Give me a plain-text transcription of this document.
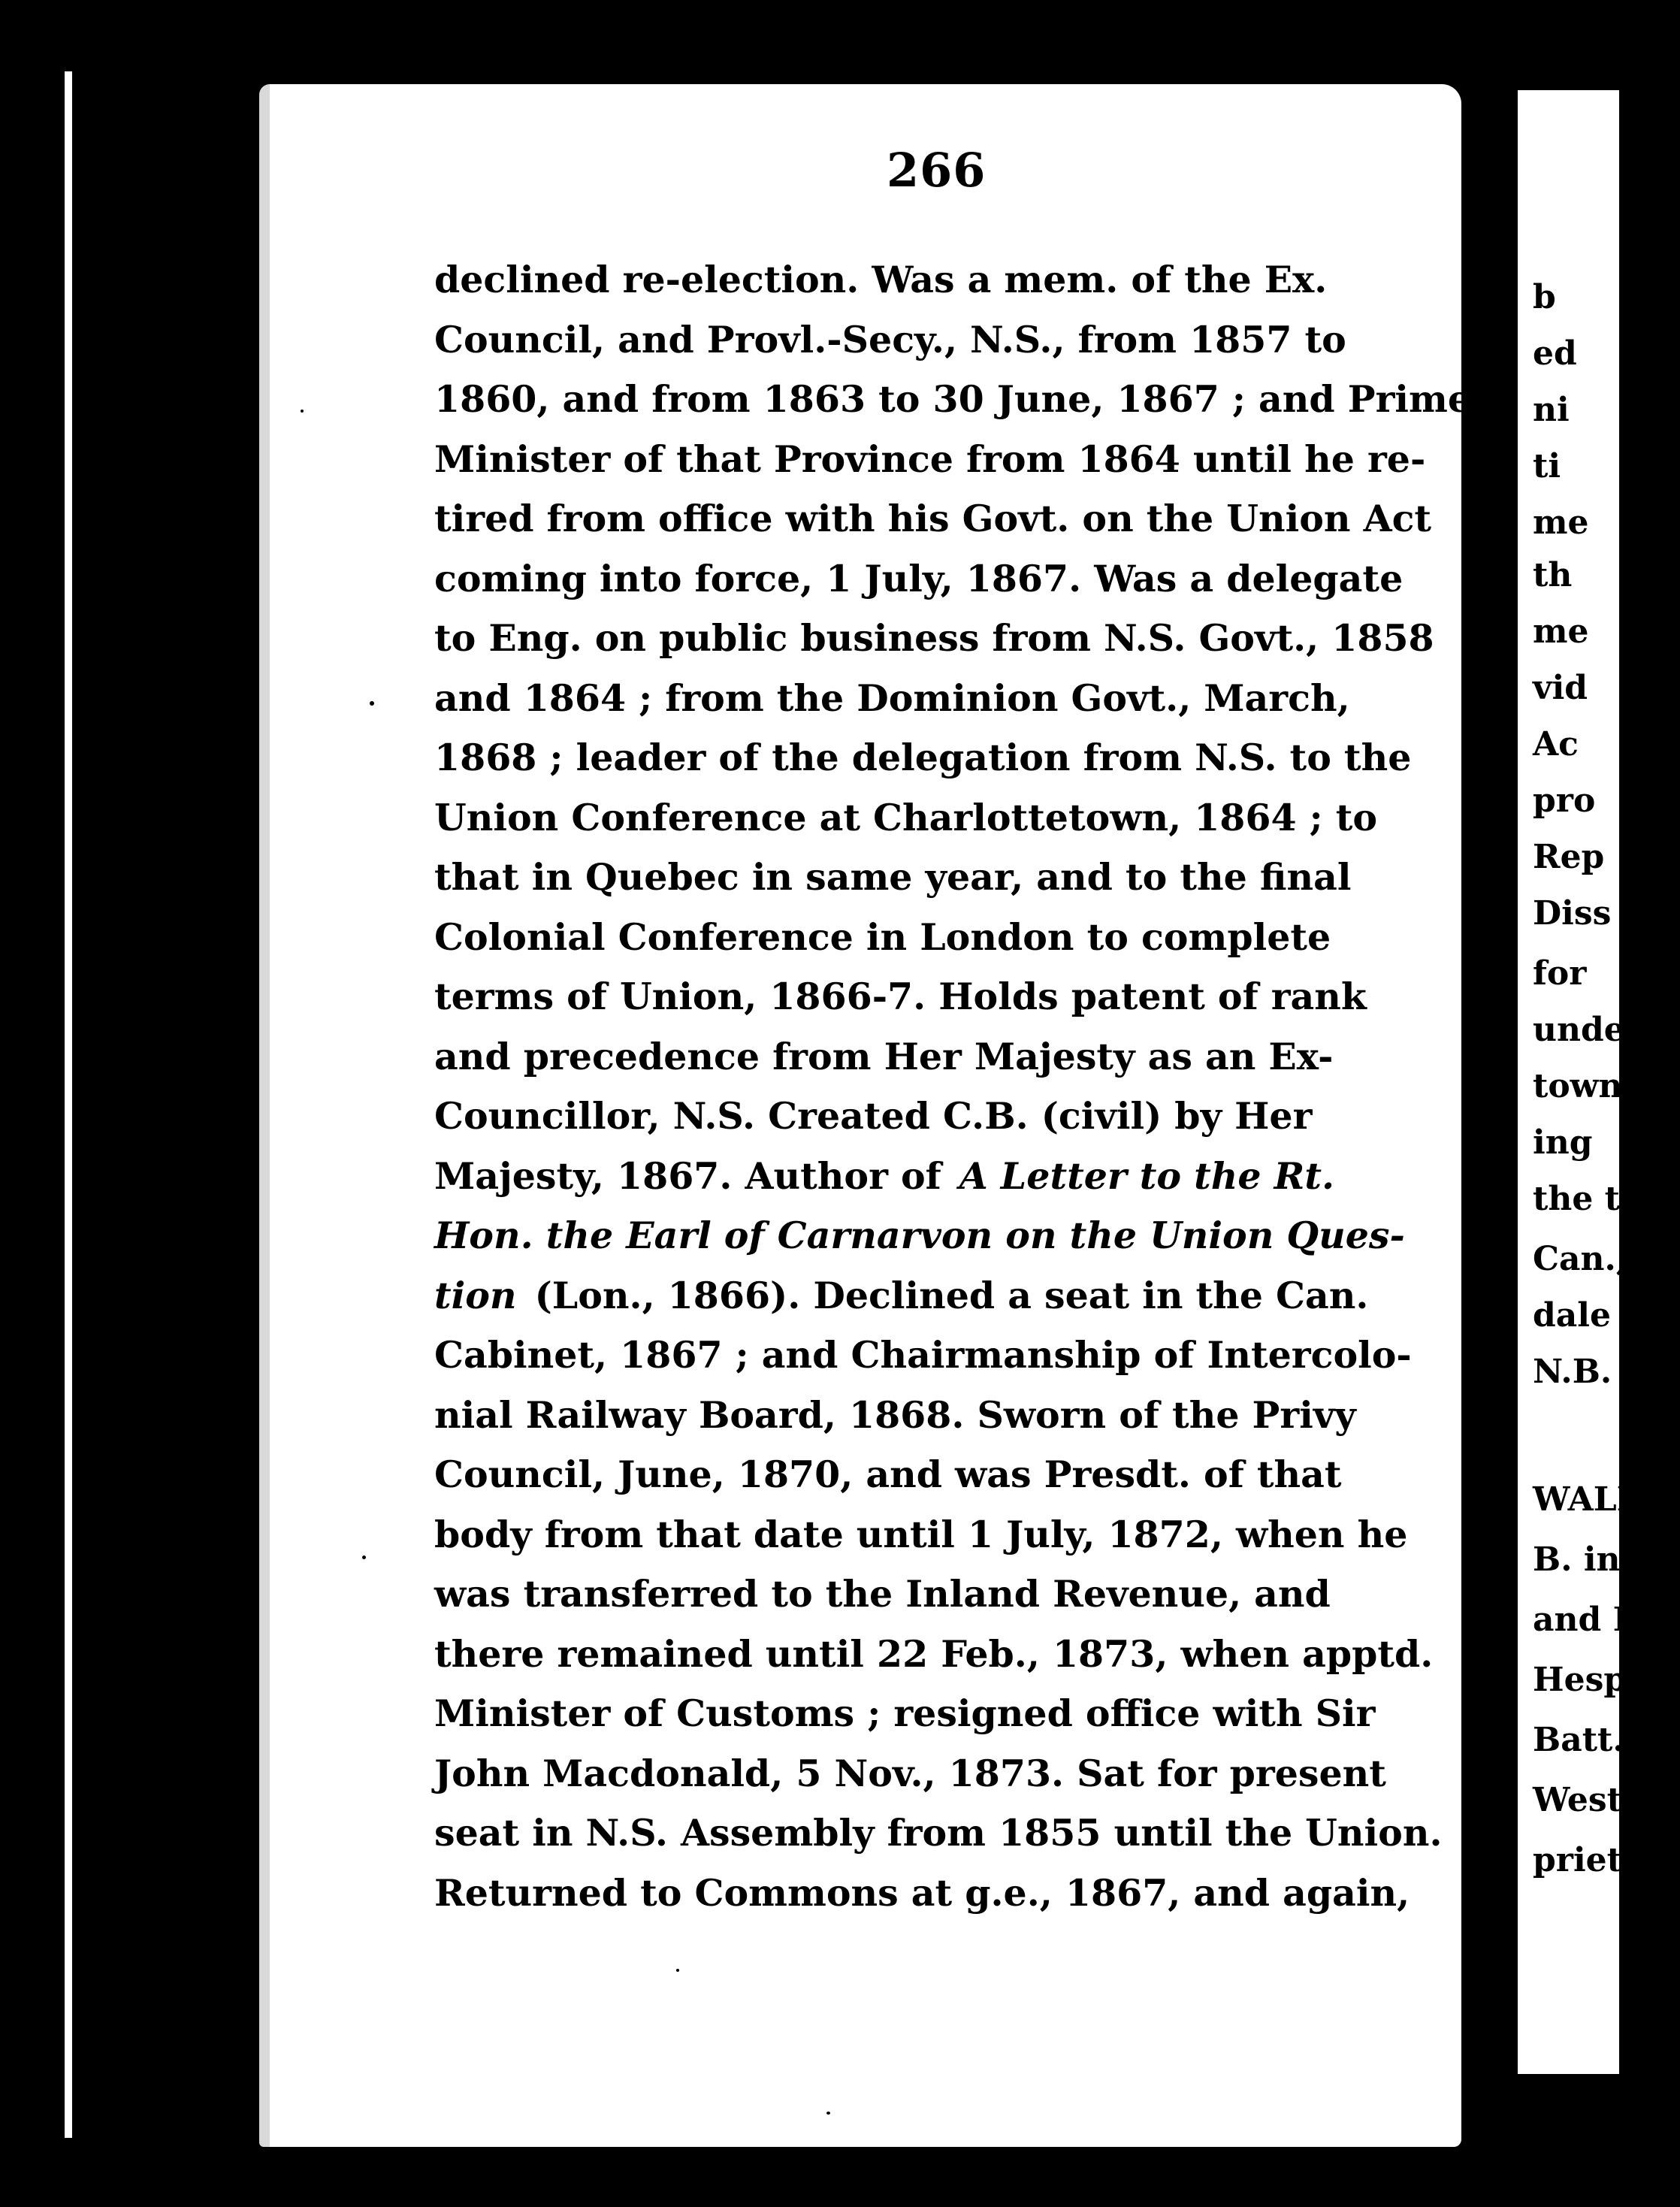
266
declined re-election. Was a mem. of the Ex.
Council, and Provl.-Secy., N.S., from 1857 to
1860, and from 1863 to 30 June, 1867 ; and Prime
Minister of that Province from 1864 until he re-
tired from office with his Govt. on the Union Act
coming into force, 1 July, 1867. Was a delegate
to Eng. on public business from N.S. Govt., 1858
and 1864 ; from the Dominion Govt., March,
1868 ; leader of the delegation from N.S. to the
Union Conference at Charlottetown, 1864 ; to
that in Quebec in same year, and to the final
Colonial Conference in London to complete
terms of Union, 1866-7. Holds patent of rank
and precedence from Her Majesty as an Ex-
Councillor, N.S. Created C.B. (civil) by Her
Majesty, 1867. Author of A Letter to the Rt.
Hon. the Earl of Carnarvon on the Union Ques-
tion (Lon., 1866). Declined a seat in the Can.
Cabinet, 1867 ; and Chairmanship of Intercolo-
nial Railway Board, 1868. Sworn of the Privy
Council, June, 1870, and was Presdt. of that
body from that date until 1 July, 1872, when he
was transferred to the Inland Revenue, and
there remained until 22 Feb., 1873, when apptd.
Minister of Customs ; resigned office with Sir
John Macdonald, 5 Nov., 1873. Sat for present
seat in N.S. Assembly from 1855 until the Union.
Returned to Commons at g.e., 1867, and again,
b
ed
ni
ti
me
th
me
vid
Ac
pro
Rep
Diss
for
unde
town
ing
the t
Can.,
dale ;
N.B.
WALK
B. in
and E
Hespel
Batt.,
Wester
prietors
